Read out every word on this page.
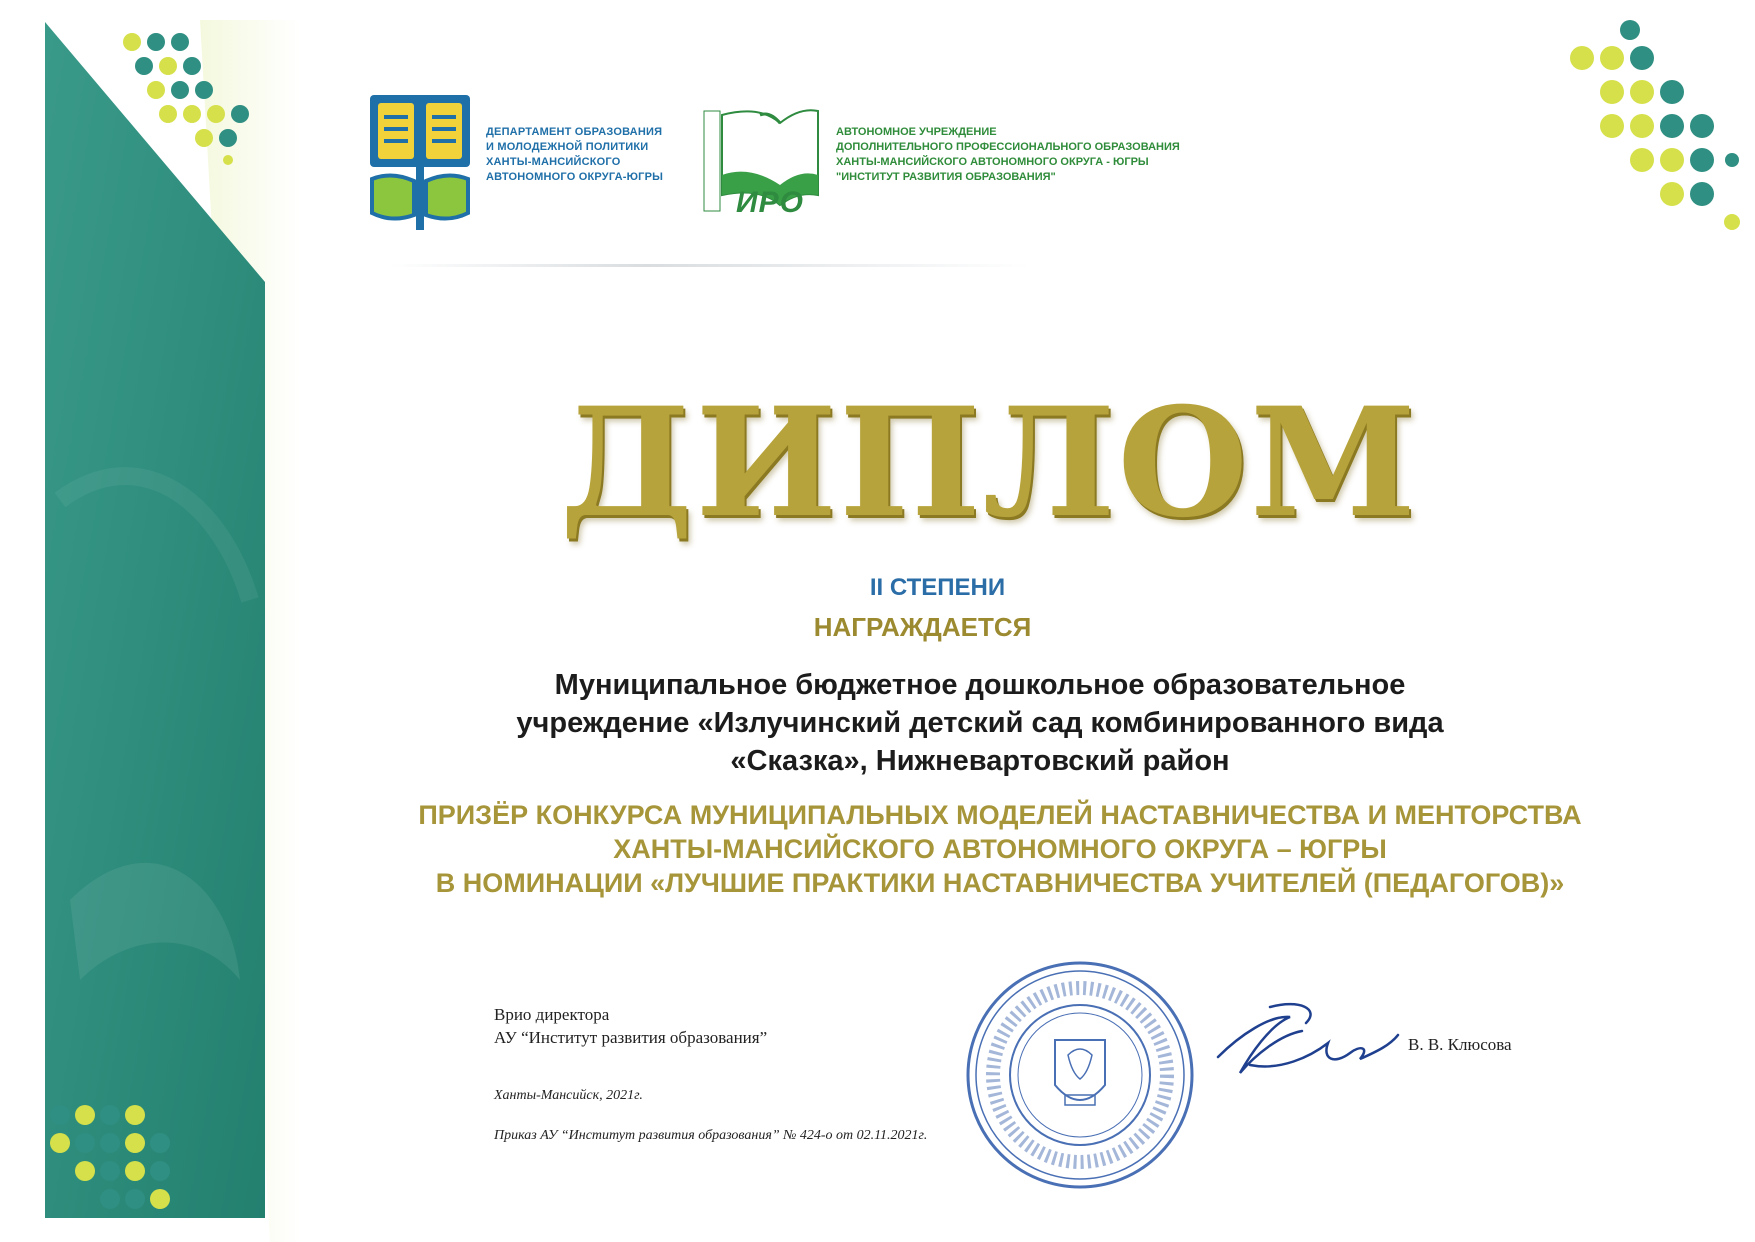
ДЕПАРТАМЕНТ ОБРАЗОВАНИЯ
И МОЛОДЕЖНОЙ ПОЛИТИКИ
ХАНТЫ-МАНСИЙСКОГО
АВТОНОМНОГО ОКРУГА-ЮГРЫ
ИРО
АВТОНОМНОЕ УЧРЕЖДЕНИЕ
ДОПОЛНИТЕЛЬНОГО ПРОФЕССИОНАЛЬНОГО ОБРАЗОВАНИЯ
ХАНТЫ-МАНСИЙСКОГО АВТОНОМНОГО ОКРУГА - ЮГРЫ
"ИНСТИТУТ РАЗВИТИЯ ОБРАЗОВАНИЯ"
ДИПЛОМ
II СТЕПЕНИ
НАГРАЖДАЕТСЯ
Муниципальное бюджетное дошкольное образовательное
учреждение «Излучинский детский сад комбинированного вида
«Сказка», Нижневартовский район
ПРИЗЁР КОНКУРСА МУНИЦИПАЛЬНЫХ МОДЕЛЕЙ НАСТАВНИЧЕСТВА И МЕНТОРСТВА
ХАНТЫ-МАНСИЙСКОГО АВТОНОМНОГО ОКРУГА – ЮГРЫ
В НОМИНАЦИИ «ЛУЧШИЕ ПРАКТИКИ НАСТАВНИЧЕСТВА УЧИТЕЛЕЙ (ПЕДАГОГОВ)»
Врио директора
АУ “Институт развития образования”
Ханты-Мансийск, 2021г.
Приказ АУ “Институт развития образования” № 424-о от 02.11.2021г.
В. В. Клюсова
